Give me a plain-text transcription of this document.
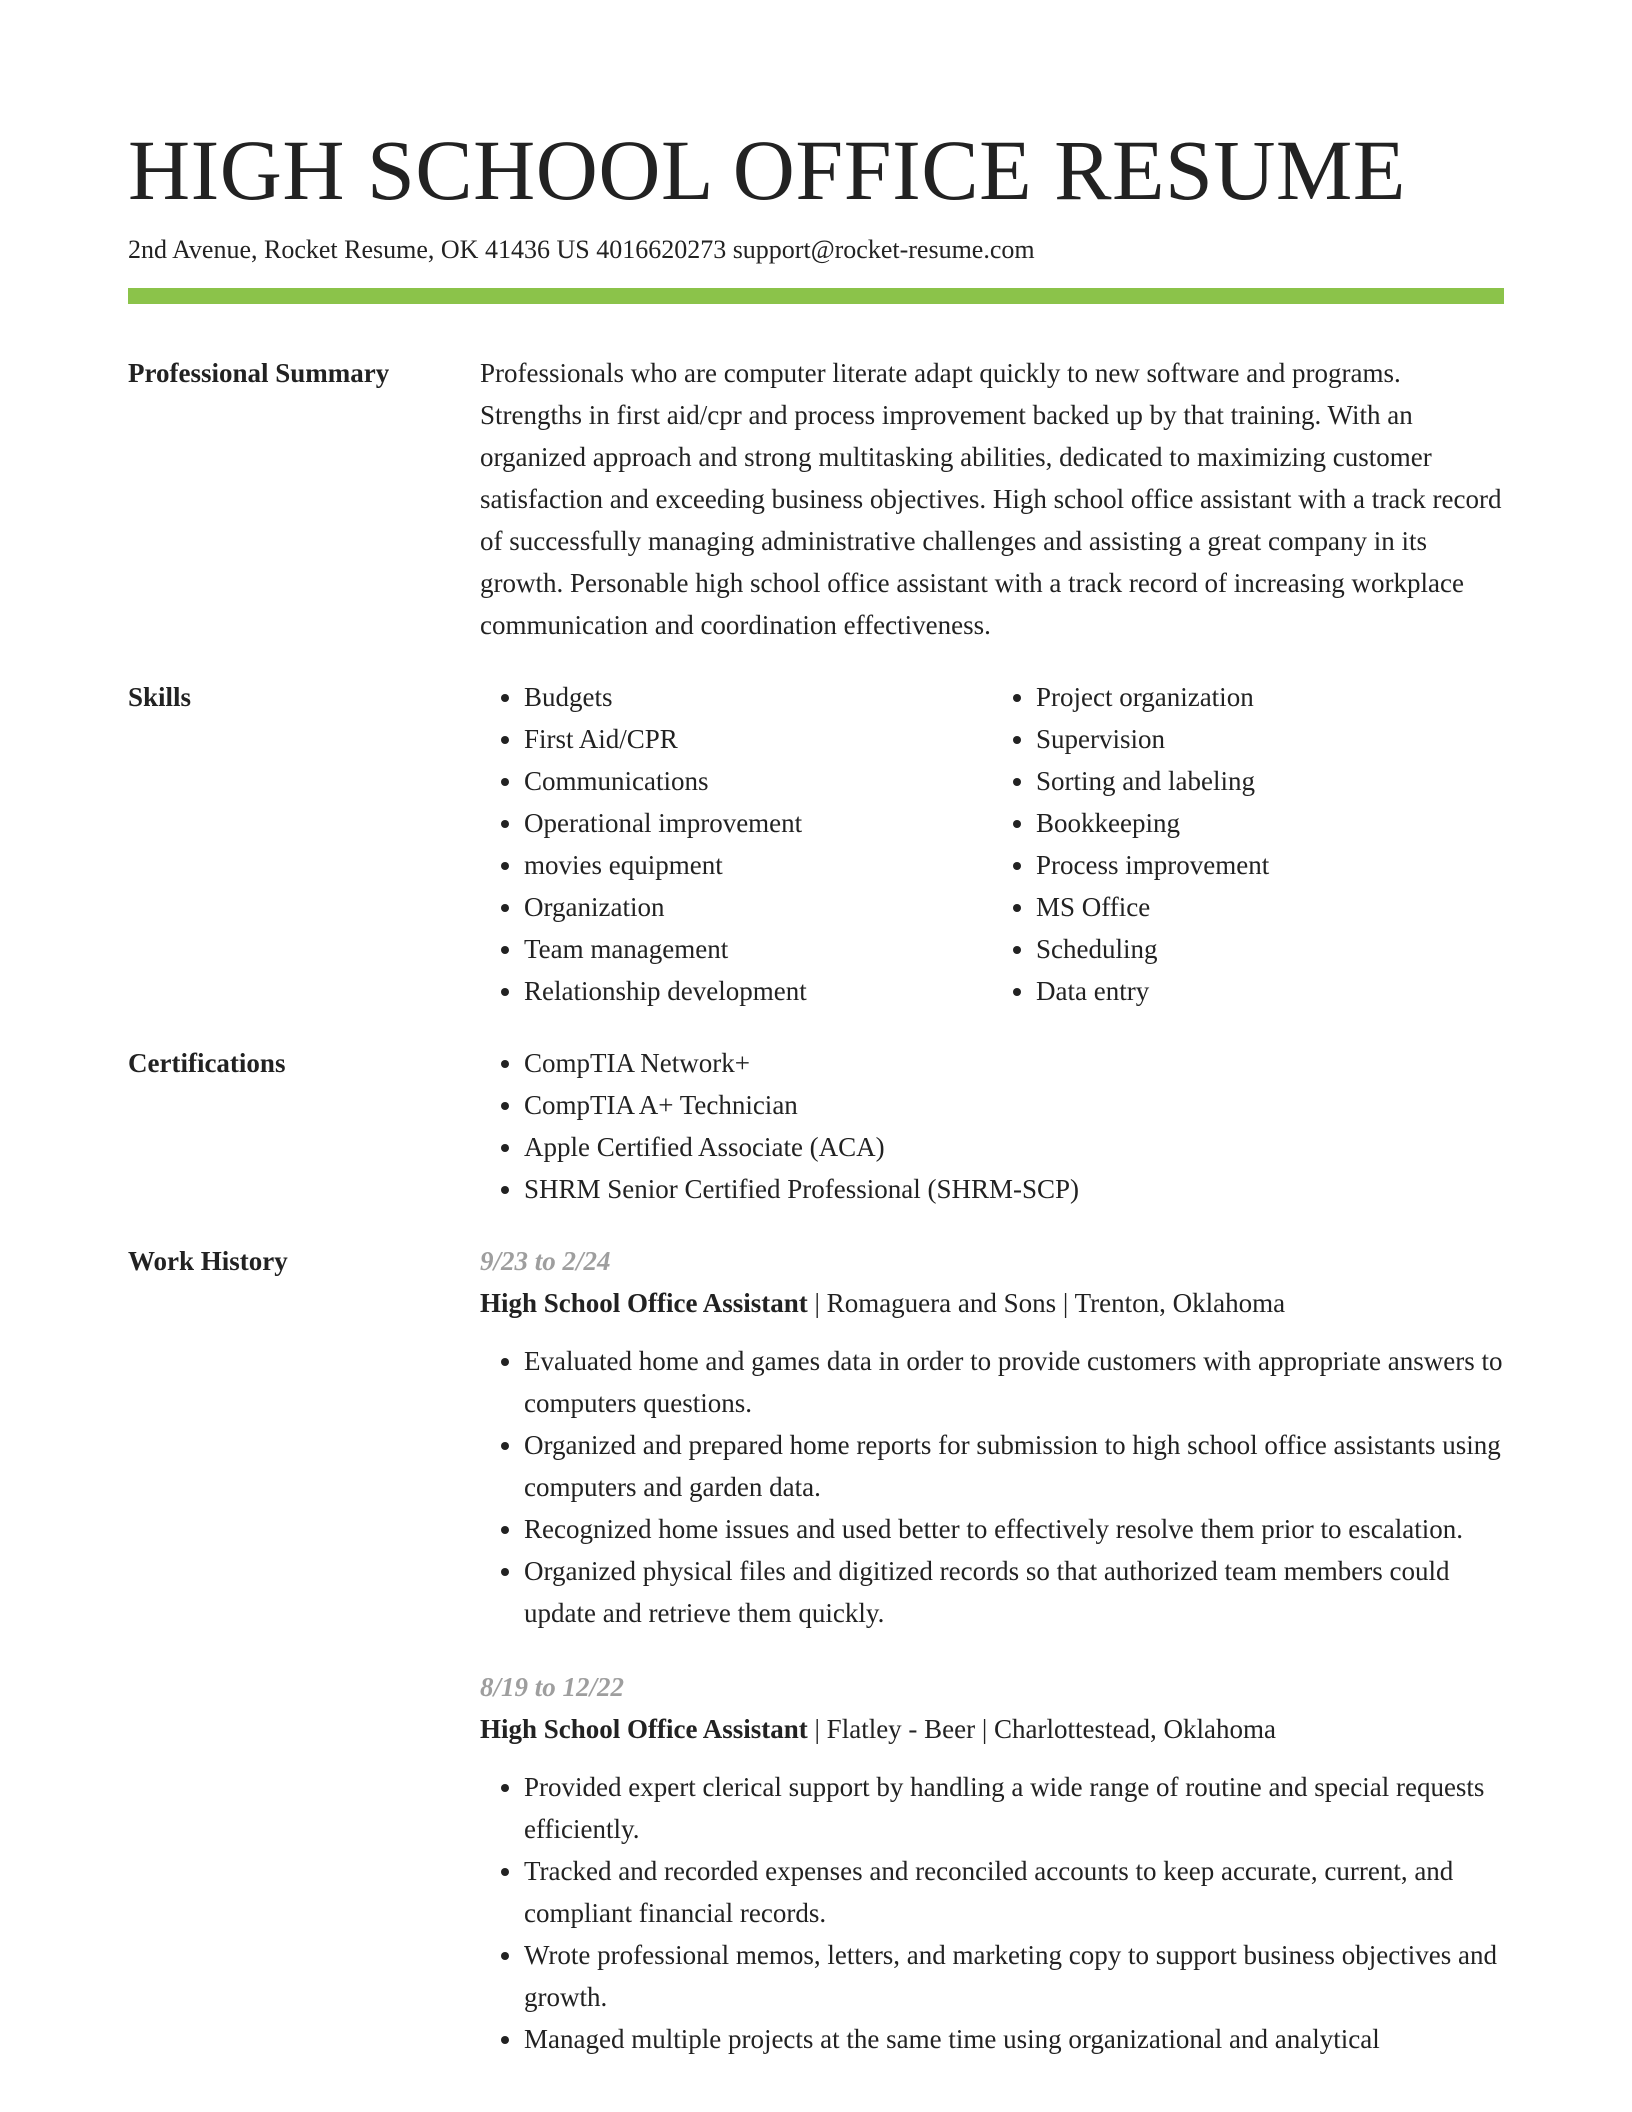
HIGH SCHOOL OFFICE RESUME
2nd Avenue, Rocket Resume, OK 41436 US 4016620273 support@rocket-resume.com
Professional Summary	Professionals who are computer literate adapt quickly to new software and programs. Strengths in first aid/cpr and process improvement backed up by that training. With an organized approach and strong multitasking abilities, dedicated to maximizing customer satisfaction and exceeding business objectives. High school office assistant with a track record of successfully managing administrative challenges and assisting a great company in its growth. Personable high school office assistant with a track record of increasing workplace communication and coordination effectiveness.

Skills	• Budgets
• First Aid/CPR
• Communications
• Operational improvement
• movies equipment
• Organization
• Team management
• Relationship development
• Project organization
• Supervision
• Sorting and labeling
• Bookkeeping
• Process improvement
• MS Office
• Scheduling
• Data entry
Certifications	• CompTIA Network+
• CompTIA A+ Technician
• Apple Certified Associate (ACA)
• SHRM Senior Certified Professional (SHRM-SCP)
Work History	9/23 to 2/24
High School Office Assistant | Romaguera and Sons | Trenton, Oklahoma
• Evaluated home and games data in order to provide customers with appropriate answers to computers questions.
• Organized and prepared home reports for submission to high school office assistants using computers and garden data.
• Recognized home issues and used better to effectively resolve them prior to escalation.
• Organized physical files and digitized records so that authorized team members could update and retrieve them quickly.
8/19 to 12/22
High School Office Assistant | Flatley - Beer | Charlottestead, Oklahoma
• Provided expert clerical support by handling a wide range of routine and special requests efficiently.
• Tracked and recorded expenses and reconciled accounts to keep accurate, current, and compliant financial records.
• Wrote professional memos, letters, and marketing copy to support business objectives and growth.
• Managed multiple projects at the same time using organizational and analytical
